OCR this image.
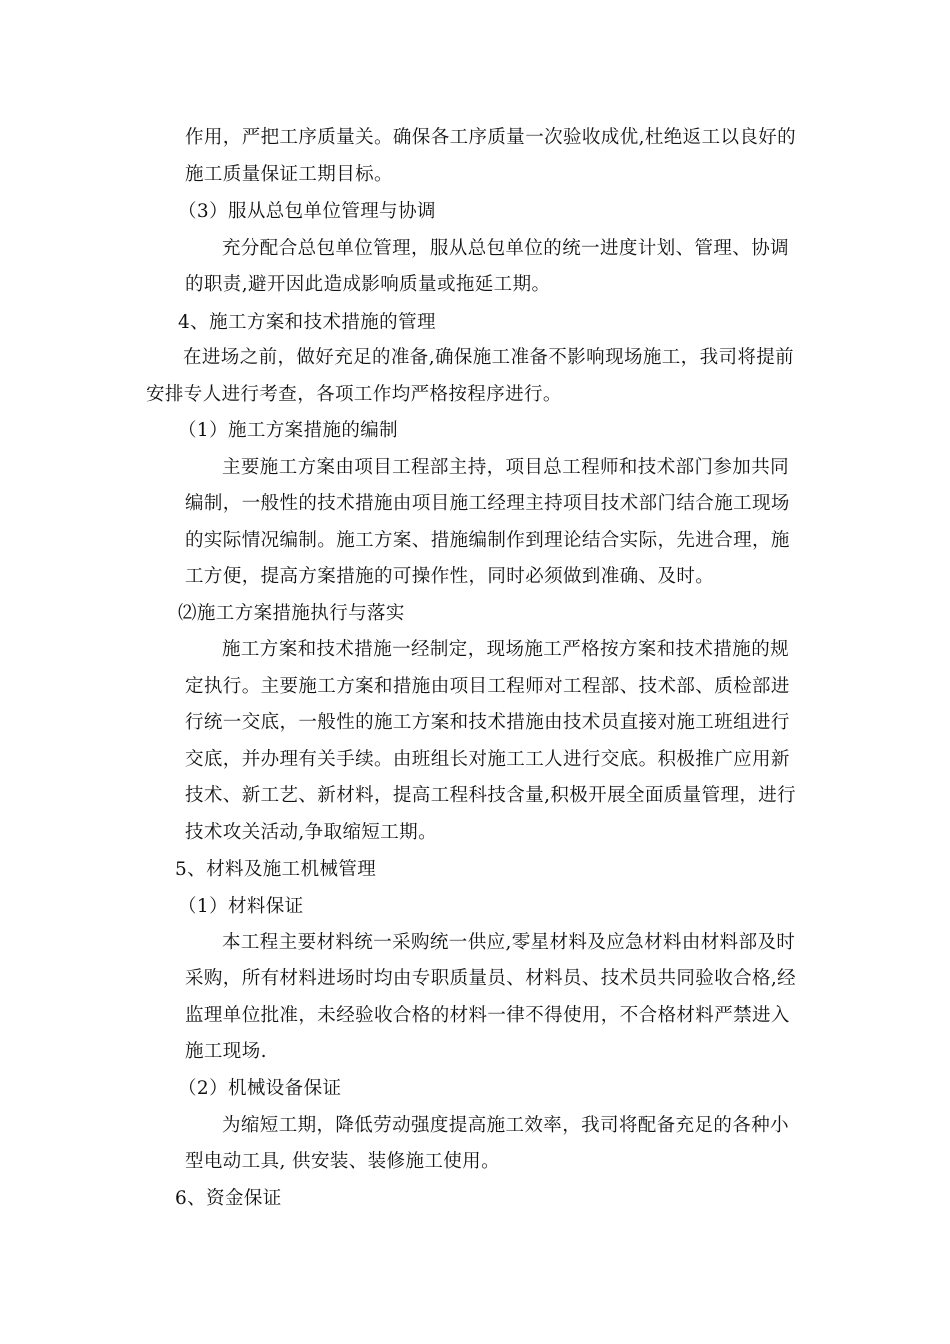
作用，严把工序质量关。确保各工序质量一次验收成优,杜绝返工以良好的
施工质量保证工期目标。
（3）服从总包单位管理与协调
充分配合总包单位管理，服从总包单位的统一进度计划、管理、协调
的职责,避开因此造成影响质量或拖延工期。
4、施工方案和技术措施的管理
在进场之前，做好充足的准备,确保施工准备不影响现场施工，我司将提前
安排专人进行考查，各项工作均严格按程序进行。
（1）施工方案措施的编制
主要施工方案由项目工程部主持，项目总工程师和技术部门参加共同
编制，一般性的技术措施由项目施工经理主持项目技术部门结合施工现场
的实际情况编制。施工方案、措施编制作到理论结合实际，先进合理，施
工方便，提高方案措施的可操作性，同时必须做到准确、及时。
⑵施工方案措施执行与落实
施工方案和技术措施一经制定，现场施工严格按方案和技术措施的规
定执行。主要施工方案和措施由项目工程师对工程部、技术部、质检部进
行统一交底，一般性的施工方案和技术措施由技术员直接对施工班组进行
交底，并办理有关手续。由班组长对施工工人进行交底。积极推广应用新
技术、新工艺、新材料，提高工程科技含量,积极开展全面质量管理，进行
技术攻关活动,争取缩短工期。
5、材料及施工机械管理
（1）材料保证
本工程主要材料统一采购统一供应,零星材料及应急材料由材料部及时
采购，所有材料进场时均由专职质量员、材料员、技术员共同验收合格,经
监理单位批准，未经验收合格的材料一律不得使用，不合格材料严禁进入
施工现场.
（2）机械设备保证
为缩短工期，降低劳动强度提高施工效率，我司将配备充足的各种小
型电动工具, 供安装、装修施工使用。
6、资金保证
